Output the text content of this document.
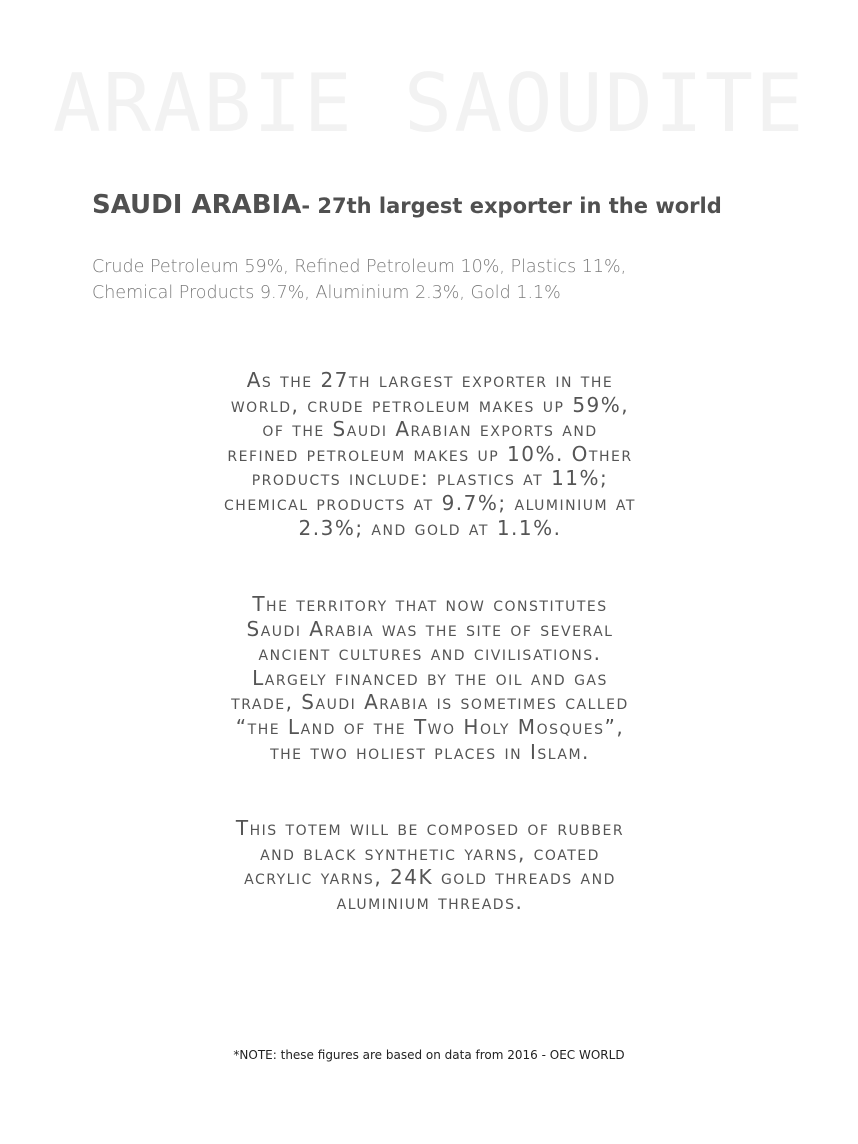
ARABIE SAOUDITE
SAUDI ARABIA- 27th largest exporter in the world
Crude Petroleum 59%, Refined Petroleum 10%, Plastics 11%,
Chemical Products 9.7%, Aluminium 2.3%, Gold 1.1%
As the 27th largest exporter in the
world, crude petroleum makes up 59%,
of the Saudi Arabian exports and
refined petroleum makes up 10%. Other
products include: plastics at 11%;
chemical products at 9.7%; aluminium at
2.3%; and gold at 1.1%.
The territory that now constitutes
Saudi Arabia was the site of several
ancient cultures and civilisations.
Largely financed by the oil and gas
trade, Saudi Arabia is sometimes called
“the Land of the Two Holy Mosques”,
the two holiest places in Islam.
This totem will be composed of rubber
and black synthetic yarns, coated
acrylic yarns, 24K gold threads and
aluminium threads.
*NOTE: these figures are based on data from 2016 - OEC WORLD
